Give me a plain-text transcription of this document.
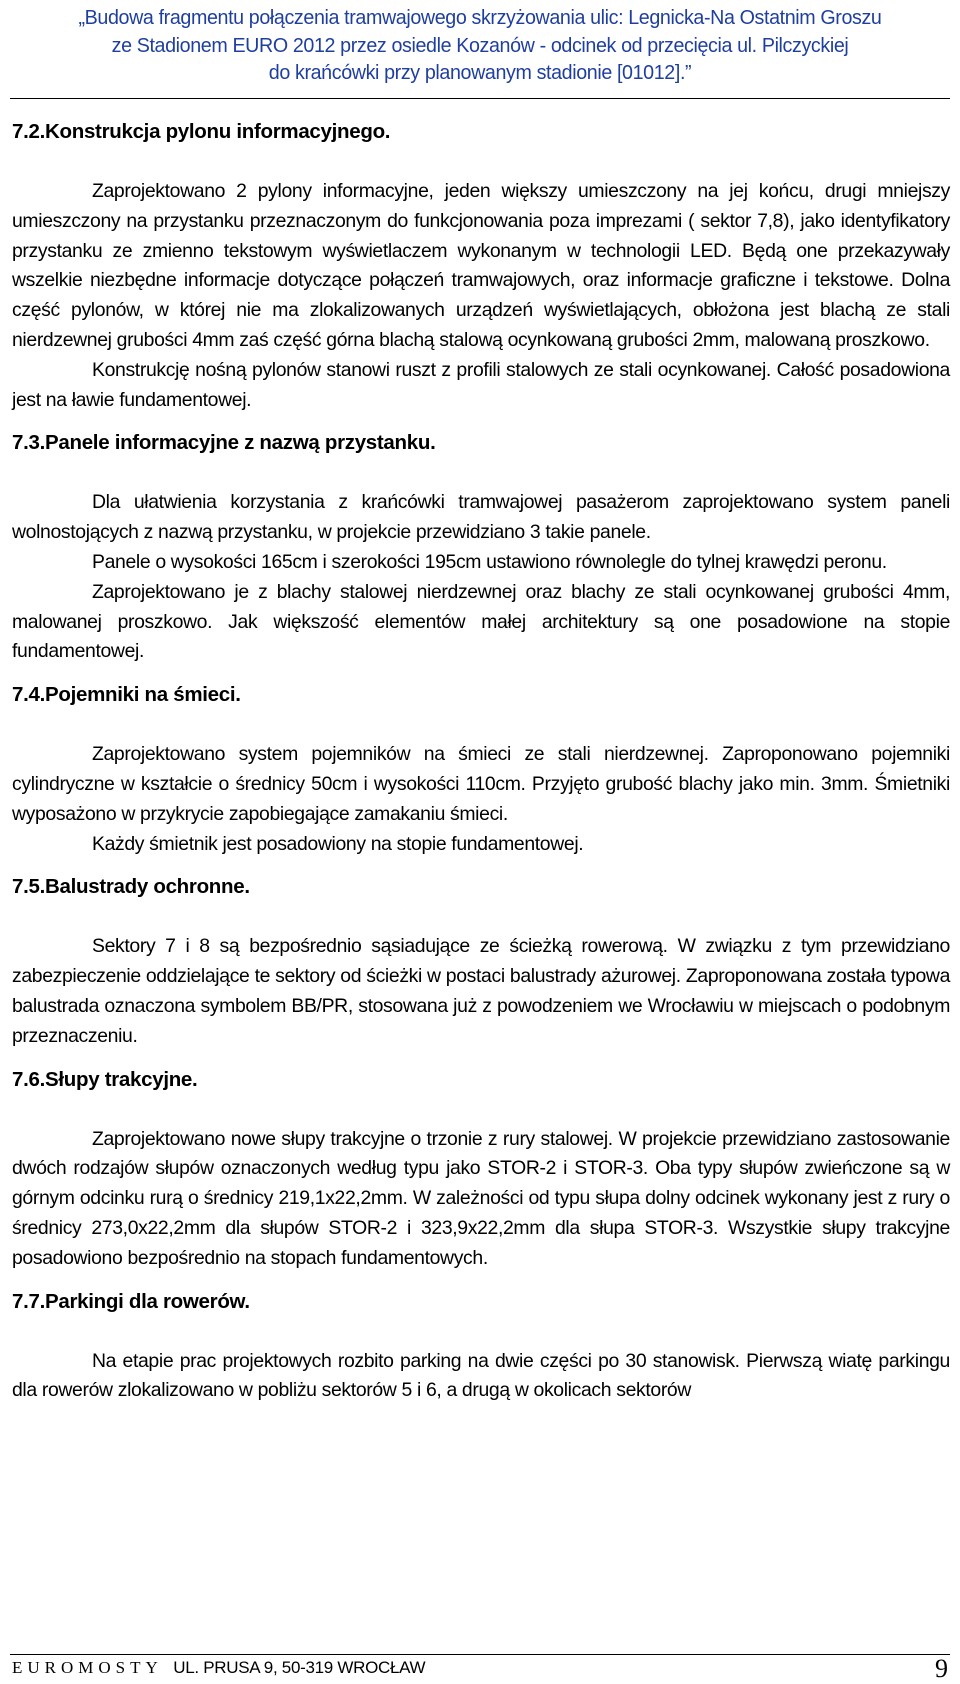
„Budowa fragmentu połączenia tramwajowego skrzyżowania ulic: Legnicka-Na Ostatnim Groszu
ze Stadionem EURO 2012 przez osiedle Kozanów - odcinek od przecięcia ul. Pilczyckiej
do krańcówki przy planowanym stadionie [01012].”
7.2.Konstrukcja pylonu informacyjnego.

Zaprojektowano 2 pylony informacyjne, jeden większy umieszczony na jej końcu, drugi mniejszy umieszczony na przystanku przeznaczonym do funkcjonowania poza imprezami ( sektor 7,8), jako identyfikatory przystanku ze zmienno tekstowym wyświetlaczem wykonanym w technologii LED. Będą one przekazywały wszelkie niezbędne informacje dotyczące połączeń tramwajowych, oraz informacje graficzne i tekstowe. Dolna część pylonów, w której nie ma zlokalizowanych urządzeń wyświetlających, obłożona jest blachą ze stali nierdzewnej grubości 4mm zaś część górna blachą stalową ocynkowaną grubości 2mm, malowaną proszkowo.

Konstrukcję nośną pylonów stanowi ruszt z profili stalowych ze stali ocynkowanej. Całość posadowiona jest na ławie fundamentowej.

7.3.Panele informacyjne z nazwą przystanku.

Dla ułatwienia korzystania z krańcówki tramwajowej pasażerom zaprojektowano system paneli wolnostojących z nazwą przystanku, w projekcie przewidziano 3 takie panele.

Panele o wysokości 165cm i szerokości 195cm ustawiono równolegle do tylnej krawędzi peronu.

Zaprojektowano je z blachy stalowej nierdzewnej oraz blachy ze stali ocynkowanej grubości 4mm, malowanej proszkowo. Jak większość elementów małej architektury są one posadowione na stopie fundamentowej.

7.4.Pojemniki na śmieci.

Zaprojektowano system pojemników na śmieci ze stali nierdzewnej. Zaproponowano pojemniki cylindryczne w kształcie o średnicy 50cm i wysokości 110cm. Przyjęto grubość blachy jako min. 3mm. Śmietniki wyposażono w przykrycie zapobiegające zamakaniu śmieci.

Każdy śmietnik jest posadowiony na stopie fundamentowej.

7.5.Balustrady ochronne.

Sektory 7 i 8 są bezpośrednio sąsiadujące ze ścieżką rowerową. W związku z tym przewidziano zabezpieczenie oddzielające te sektory od ścieżki w postaci balustrady ażurowej. Zaproponowana została typowa balustrada oznaczona symbolem BB/PR, stosowana już z powodzeniem we Wrocławiu w miejscach o podobnym przeznaczeniu.

7.6.Słupy trakcyjne.

Zaprojektowano nowe słupy trakcyjne o trzonie z rury stalowej. W projekcie przewidziano zastosowanie dwóch rodzajów słupów oznaczonych według typu jako STOR-2 i STOR-3. Oba typy słupów zwieńczone są w górnym odcinku rurą o średnicy 219,1x22,2mm. W zależności od typu słupa dolny odcinek wykonany jest z rury o średnicy 273,0x22,2mm dla słupów STOR-2 i 323,9x22,2mm dla słupa STOR-3. Wszystkie słupy trakcyjne posadowiono bezpośrednio na stopach fundamentowych.

7.7.Parkingi dla rowerów.

Na etapie prac projektowych rozbito parking na dwie części po 30 stanowisk. Pierwszą wiatę parkingu dla rowerów zlokalizowano w pobliżu sektorów 5 i 6, a drugą w okolicach sektorów

EUROMOSTY UL. PRUSA 9, 50-319 WROCŁAW	9
